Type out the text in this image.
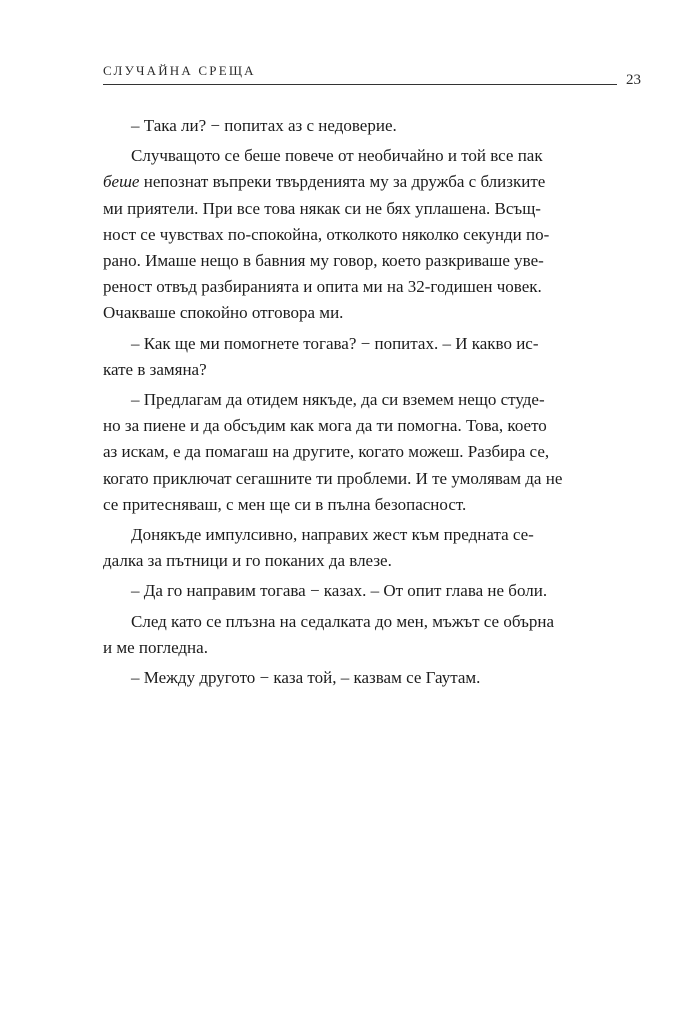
СЛУЧАЙНА СРЕЩА
23
– Така ли? − попитах аз с недоверие.
Случващото се беше повече от необичайно и той все пак
беше непознат въпреки твърденията му за дружба с близките
ми приятели. При все това някак си не бях уплашена. Всъщ-
ност се чувствах по-спокойна, отколкото няколко секунди по-
рано. Имаше нещо в бавния му говор, което разкриваше уве-
реност отвъд разбиранията и опита ми на 32-годишен човек.
Очакваше спокойно отговора ми.
– Как ще ми помогнете тогава? − попитах. – И какво ис-
кате в замяна?
– Предлагам да отидем някъде, да си вземем нещо студе-
но за пиене и да обсъдим как мога да ти помогна. Това, което
аз искам, е да помагаш на другите, когато можеш. Разбира се,
когато приключат сегашните ти проблеми. И те умолявам да не
се притесняваш, с мен ще си в пълна безопасност.
Донякъде импулсивно, направих жест към предната се-
далка за пътници и го поканих да влезе.
– Да го направим тогава − казах. – От опит глава не боли.
След като се плъзна на седалката до мен, мъжът се обърна
и ме погледна.
– Между другото − каза той, – казвам се Гаутам.
